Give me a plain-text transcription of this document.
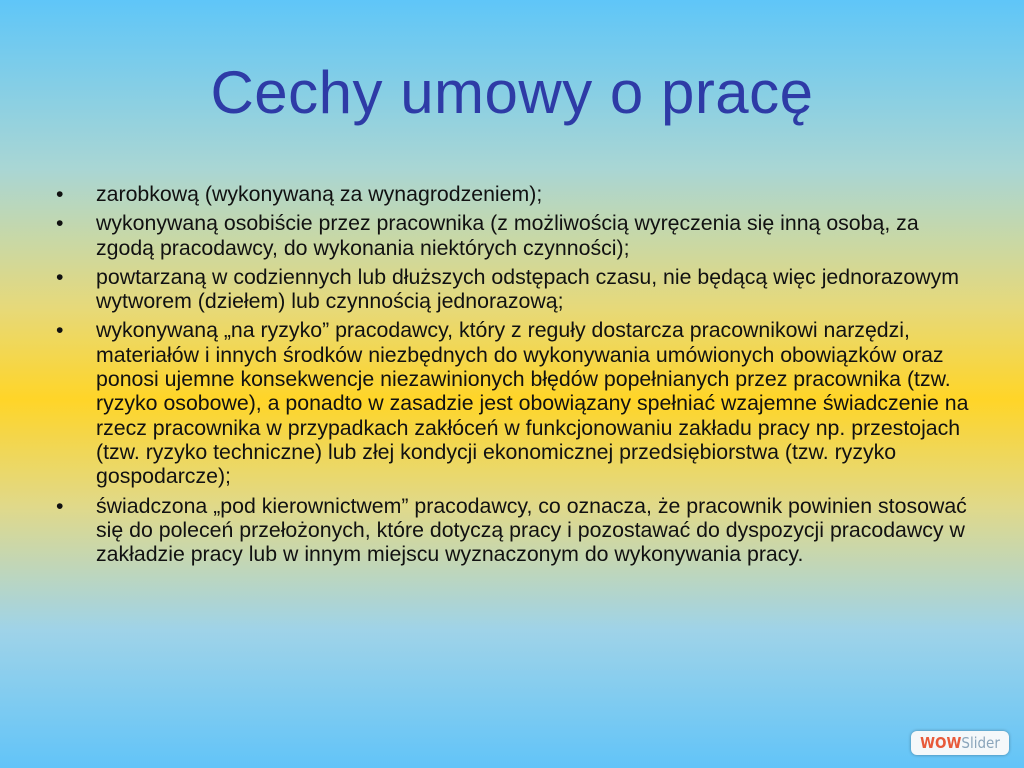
Cechy umowy o pracę
•	zarobkową (wykonywaną za wynagrodzeniem);
•	wykonywaną osobiście przez pracownika (z możliwością wyręczenia się inną osobą, za zgodą pracodawcy, do wykonania niektórych czynności);
•	powtarzaną w codziennych lub dłuższych odstępach czasu, nie będącą więc jednorazowym wytworem (dziełem) lub czynnością jednorazową;
•	wykonywaną „na ryzyko” pracodawcy, który z reguły dostarcza pracownikowi narzędzi, materiałów i innych środków niezbędnych do wykonywania umówionych obowiązków oraz ponosi ujemne konsekwencje niezawinionych błędów popełnianych przez pracownika (tzw. ryzyko osobowe), a ponadto w zasadzie jest obowiązany spełniać wzajemne świadczenie na rzecz pracownika w przypadkach zakłóceń w funkcjonowaniu zakładu pracy np. przestojach (tzw. ryzyko techniczne) lub złej kondycji ekonomicznej przedsiębiorstwa (tzw. ryzyko gospodarcze);
•	świadczona „pod kierownictwem” pracodawcy, co oznacza, że pracownik powinien stosować się do poleceń przełożonych, które dotyczą pracy i pozostawać do dyspozycji pracodawcy w zakładzie pracy lub w innym miejscu wyznaczonym do wykonywania pracy.
WOWSlider
